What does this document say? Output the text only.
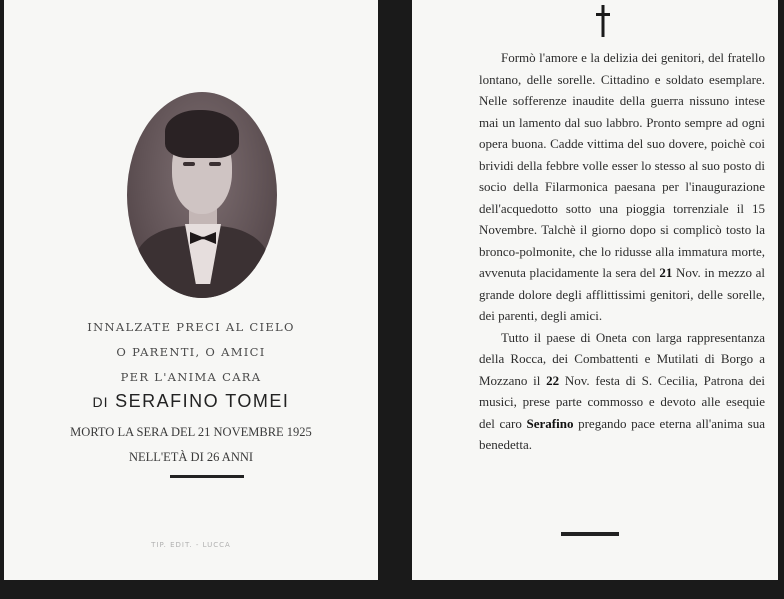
INNALZATE PRECI AL CIELO
O PARENTI, O AMICI
PER L'ANIMA CARA
DI SERAFINO TOMEI
MORTO LA SERA DEL 21 NOVEMBRE 1925
NELL'ETÀ DI 26 ANNI
TIP. EDIT. - LUCCA

Formò l'amore e la delizia dei genitori, del fratello lontano, delle sorelle. Cittadino e soldato esemplare. Nelle sofferenze inaudite della guerra nissuno intese mai un lamento dal suo labbro. Pronto sempre ad ogni opera buona. Cadde vittima del suo dovere, poichè coi brividi della febbre volle esser lo stesso al suo posto di socio della Filarmonica paesana per l'inaugurazione dell'acquedotto sotto una pioggia torrenziale il 15 Novembre. Talchè il giorno dopo si complicò tosto la bronco-polmonite, che lo ridusse alla immatura morte, avvenuta placidamente la sera del 21 Nov. in mezzo al grande dolore degli afflittissimi genitori, delle sorelle, dei parenti, degli amici.

Tutto il paese di Oneta con larga rappresentanza della Rocca, dei Combattenti e Mutilati di Borgo a Mozzano il 22 Nov. festa di S. Cecilia, Patrona dei musici, prese parte commosso e devoto alle esequie del caro Serafino pregando pace eterna all'anima sua benedetta.
